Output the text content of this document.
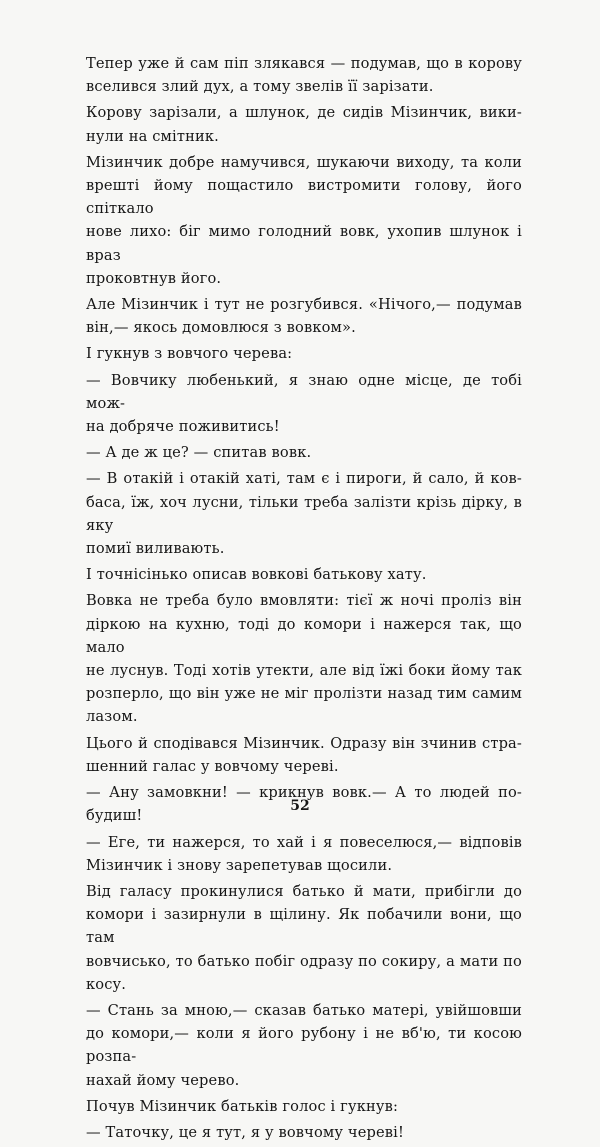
Тепер уже й сам піп злякався — подумав, що в корову
вселився злий дух, а тому звелів її зарізати.
Корову зарізали, а шлунок, де сидів Мізинчик, вики-
нули на смітник.
Мізинчик добре намучився, шукаючи виходу, та коли
врешті йому пощастило вистромити голову, його спіткало
нове лихо: біг мимо голодний вовк, ухопив шлунок і враз
проковтнув його.
Але Мізинчик і тут не розгубився. «Нічого,— подумав
він,— якось домовлюся з вовком».
І гукнув з вовчого черева:
— Вовчику любенький, я знаю одне місце, де тобі мож-
на добряче поживитись!
— А де ж це? — спитав вовк.
— В отакій і отакій хаті, там є і пироги, й сало, й ков-
баса, їж, хоч лусни, тільки треба залізти крізь дірку, в яку
помиї виливають.
І точнісінько описав вовкові батькову хату.
Вовка не треба було вмовляти: тієї ж ночі проліз він
діркою на кухню, тоді до комори і нажерся так, що мало
не луснув. Тоді хотів утекти, але від їжі боки йому так
розперло, що він уже не міг пролізти назад тим самим
лазом.
Цього й сподівався Мізинчик. Одразу він зчинив стра-
шенний галас у вовчому череві.
— Ану замовкни! — крикнув вовк.— А то людей по-
будиш!
— Еге, ти нажерся, то хай і я повеселюся,— відповів
Мізинчик і знову зарепетував щосили.
Від галасу прокинулися батько й мати, прибігли до
комори і зазирнули в щілину. Як побачили вони, що там
вовчисько, то батько побіг одразу по сокиру, а мати по
косу.
— Стань за мною,— сказав батько матері, увійшовши
до комори,— коли я його рубону і не вб'ю, ти косою розпа-
нахай йому черево.
Почув Мізинчик батьків голос і гукнув:
— Таточку, це я тут, я у вовчому череві!
52
